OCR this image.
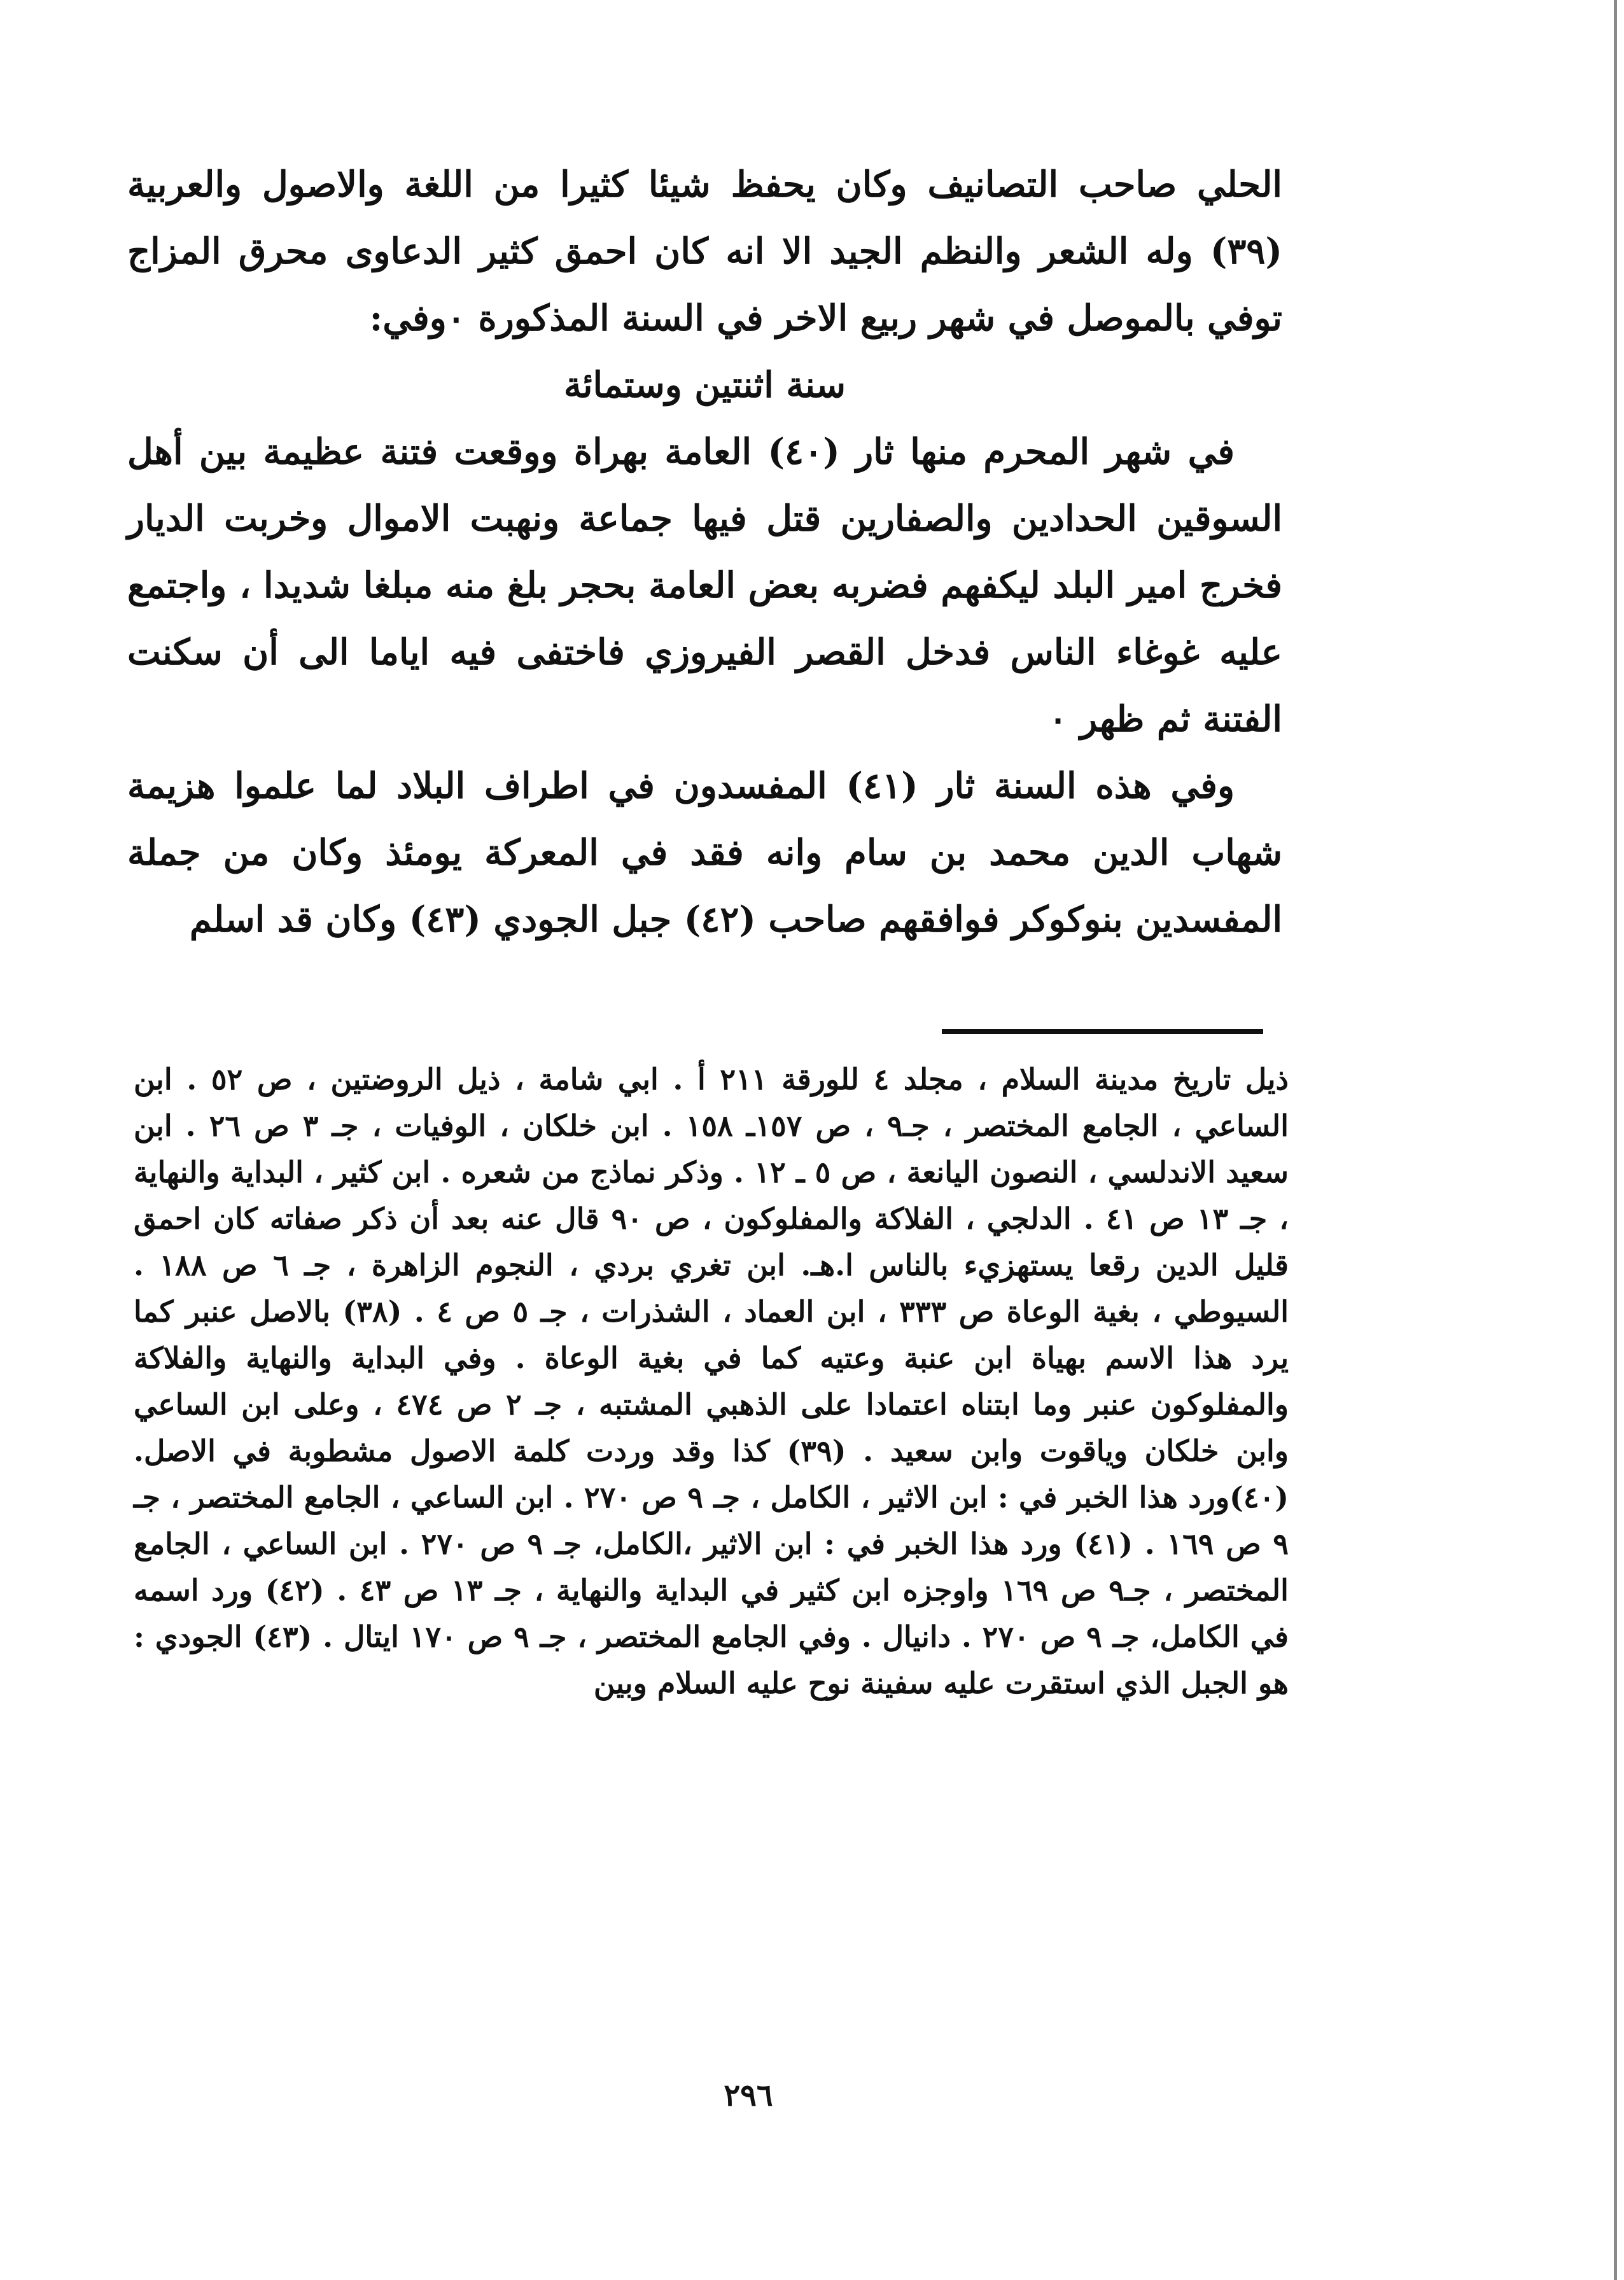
الحلي صاحب التصانيف وكان يحفظ شيئا كثيرا من اللغة والاصول والعربية (٣٩) وله الشعر والنظم الجيد الا انه كان احمق كثير الدعاوى محرق المزاج توفي بالموصل في شهر ربيع الاخر في السنة المذكورة ٠وفي:

سنة اثنتين وستمائة

في شهر المحرم منها ثار (٤٠) العامة بهراة ووقعت فتنة عظيمة بين أهل السوقين الحدادين والصفارين قتل فيها جماعة ونهبت الاموال وخربت الديار فخرج امير البلد ليكفهم فضربه بعض العامة بحجر بلغ منه مبلغا شديدا ، واجتمع عليه غوغاء الناس فدخل القصر الفيروزي فاختفى فيه اياما الى أن سكنت الفتنة ثم ظهر ٠

وفي هذه السنة ثار (٤١) المفسدون في اطراف البلاد لما علموا هزيمة شهاب الدين محمد بن سام وانه فقد في المعركة يومئذ وكان من جملة المفسدين بنوكوكر فوافقهم صاحب (٤٢) جبل الجودي (٤٣) وكان قد اسلم

ذيل تاريخ مدينة السلام ، مجلد ٤ للورقة ٢١١ أ . ابي شامة ، ذيل الروضتين ، ص ٥٢ . ابن الساعي ، الجامع المختصر ، جـ٩ ، ص ١٥٧ـ ١٥٨ . ابن خلكان ، الوفيات ، جـ ٣ ص ٢٦ . ابن سعيد الاندلسي ، النصون اليانعة ، ص ٥ ـ ١٢ . وذكر نماذج من شعره . ابن كثير ، البداية والنهاية ، جـ ١٣ ص ٤١ . الدلجي ، الفلاكة والمفلوكون ، ص ٩٠ قال عنه بعد أن ذكر صفاته كان احمق قليل الدين رقعا يستهزيء بالناس ا.هـ. ابن تغري بردي ، النجوم الزاهرة ، جـ ٦ ص ١٨٨ . السيوطي ، بغية الوعاة ص ٣٣٣ ، ابن العماد ، الشذرات ، جـ ٥ ص ٤ . (٣٨) بالاصل عنبر كما يرد هذا الاسم بهياة ابن عنبة وعتيه كما في بغية الوعاة . وفي البداية والنهاية والفلاكة والمفلوكون عنبر وما ابتناه اعتمادا على الذهبي المشتبه ، جـ ٢ ص ٤٧٤ ، وعلى ابن الساعي وابن خلكان وياقوت وابن سعيد . (٣٩) كذا وقد وردت كلمة الاصول مشطوبة في الاصل. (٤٠)ورد هذا الخبر في : ابن الاثير ، الكامل ، جـ ٩ ص ٢٧٠ . ابن الساعي ، الجامع المختصر ، جـ ٩ ص ١٦٩ . (٤١) ورد هذا الخبر في : ابن الاثير ،الكامل، جـ ٩ ص ٢٧٠ . ابن الساعي ، الجامع المختصر ، جـ٩ ص ١٦٩ واوجزه ابن كثير في البداية والنهاية ، جـ ١٣ ص ٤٣ . (٤٢) ورد اسمه في الكامل، جـ ٩ ص ٢٧٠ . دانيال . وفي الجامع المختصر ، جـ ٩ ص ١٧٠ ايتال . (٤٣) الجودي : هو الجبل الذي استقرت عليه سفينة نوح عليه السلام وبين

٢٩٦
